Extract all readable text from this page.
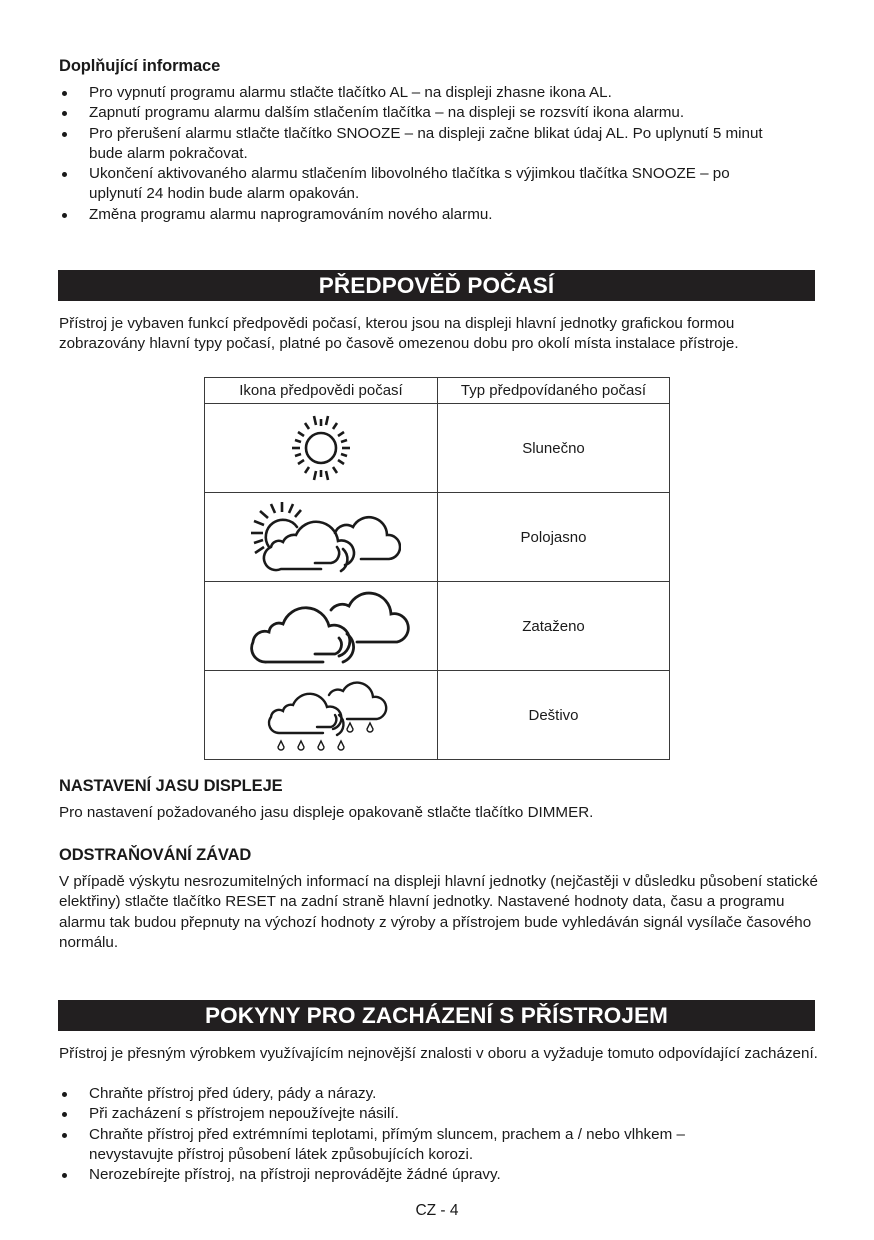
Doplňující informace
Pro vypnutí programu alarmu stlačte tlačítko AL – na displeji zhasne ikona AL.
Zapnutí programu alarmu dalším stlačením tlačítka – na displeji se rozsvítí ikona alarmu.
Pro přerušení alarmu stlačte tlačítko SNOOZE – na displeji začne blikat údaj AL. Po uplynutí 5 minut bude alarm pokračovat.
Ukončení aktivovaného alarmu stlačením libovolného tlačítka s výjimkou tlačítka SNOOZE – po uplynutí 24 hodin bude alarm opakován.
Změna programu alarmu naprogramováním nového alarmu.
PŘEDPOVĚĎ POČASÍ
Přístroj je vybaven funkcí předpovědi počasí, kterou jsou na displeji hlavní jednotky grafickou formou zobrazovány hlavní typy počasí, platné po časově omezenou dobu pro okolí místa instalace přístroje.
Ikona předpovědi počasí	Typ předpovídaného počasí

	Slunečno

	Polojasno

	Zataženo

	Deštivo
NASTAVENÍ JASU DISPLEJE
Pro nastavení požadovaného jasu displeje opakovaně stlačte tlačítko DIMMER.
ODSTRAŇOVÁNÍ ZÁVAD
V případě výskytu nesrozumitelných informací na displeji hlavní jednotky (nejčastěji v důsledku působení statické elektřiny) stlačte tlačítko RESET na zadní straně hlavní jednotky. Nastavené hodnoty data, času a programu alarmu tak budou přepnuty na výchozí hodnoty z výroby a přístrojem bude vyhledáván signál vysílače časového normálu.
POKYNY PRO ZACHÁZENÍ S PŘÍSTROJEM
Přístroj je přesným výrobkem využívajícím nejnovější znalosti v oboru a vyžaduje tomuto odpovídající zacházení.
Chraňte přístroj před údery, pády a nárazy.
Při zacházení s přístrojem nepoužívejte násilí.
Chraňte přístroj před extrémními teplotami, přímým sluncem, prachem a / nebo vlhkem – nevystavujte přístroj působení látek způsobujících korozi.
Nerozebírejte přístroj, na přístroji neprovádějte žádné úpravy.
CZ - 4
